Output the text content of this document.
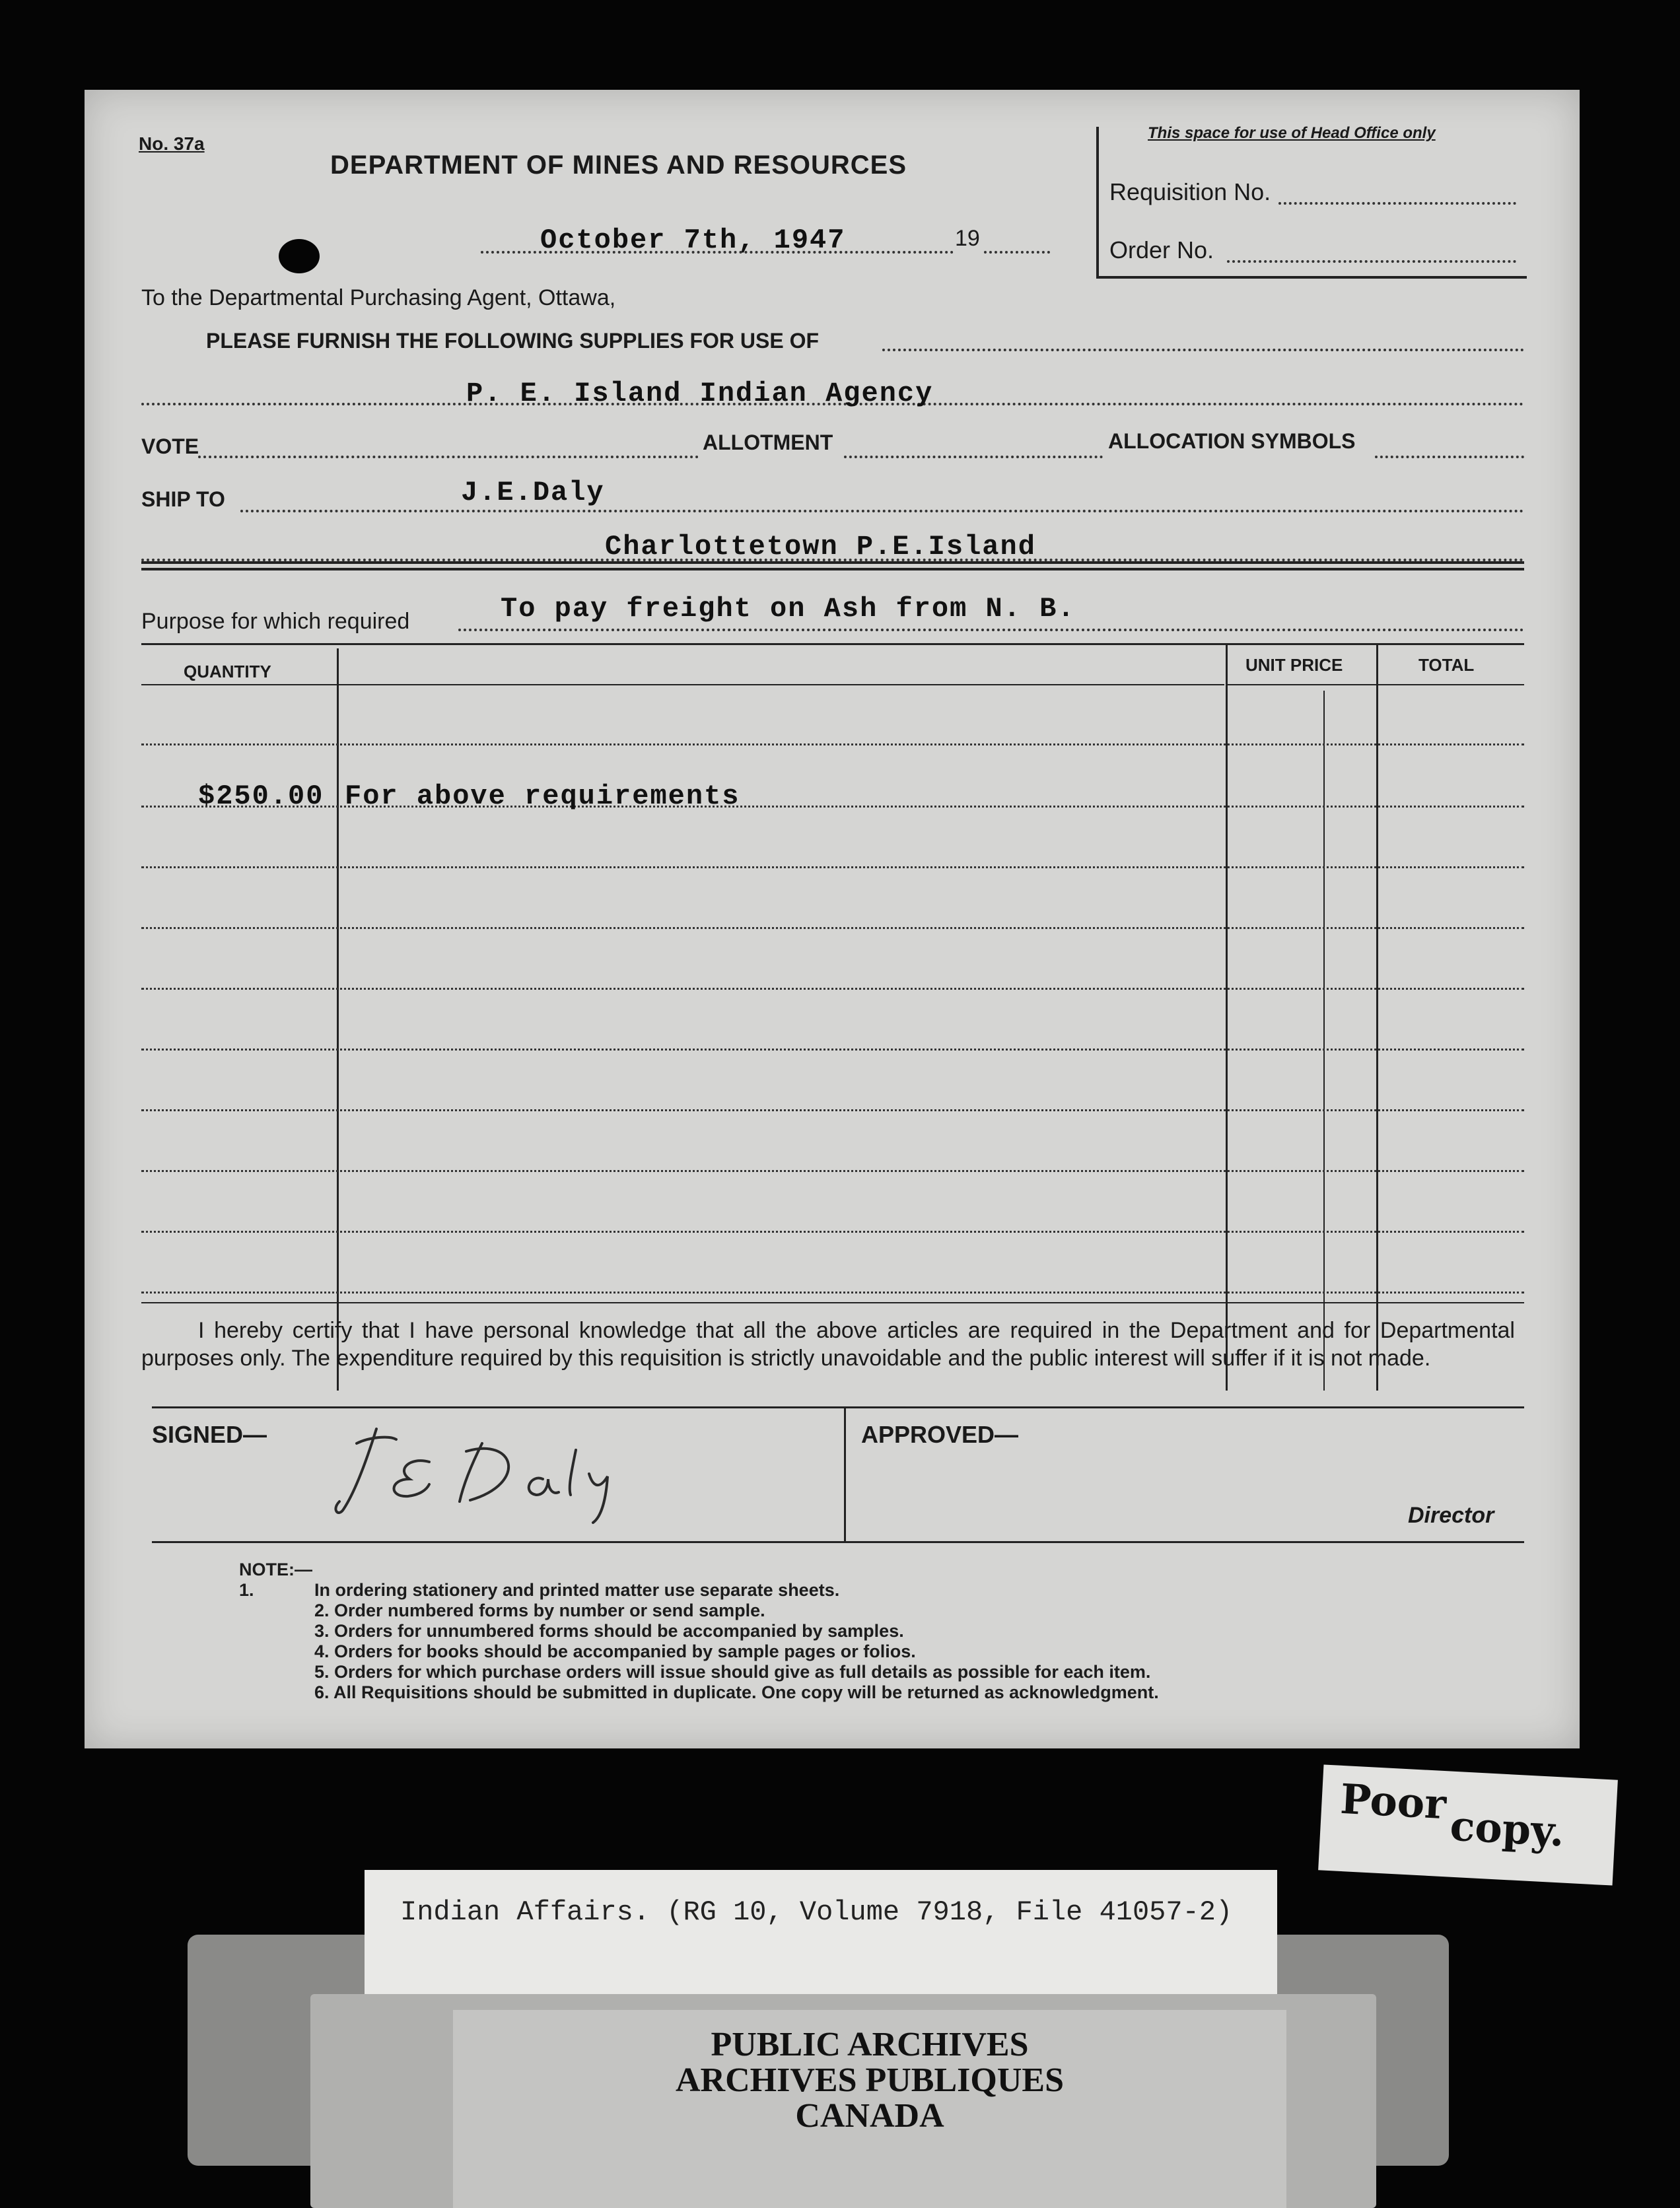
No. 37a
DEPARTMENT OF MINES AND RESOURCES
This space for use of Head Office only
Requisition No.
Order No.
October 7th, 1947	19
To the Departmental Purchasing Agent, Ottawa,
PLEASE FURNISH THE FOLLOWING SUPPLIES FOR USE OF
P. E. Island Indian Agency
VOTE	ALLOTMENT	ALLOCATION SYMBOLS
SHIP TO	J.E.Daly
Charlottetown P.E.Island
Purpose for which required	To pay freight on Ash from N. B.
QUANTITY	UNIT PRICE	TOTAL
$250.00 For above requirements
I hereby certify that I have personal knowledge that all the above articles are required in the Department and for Departmental purposes only. The expenditure required by this requisition is strictly unavoidable and the public interest will suffer if it is not made.
SIGNED—	APPROVED—
Director
NOTE:—1.	In ordering stationery and printed matter use separate sheets.
2. Order numbered forms by number or send sample.
3. Orders for unnumbered forms should be accompanied by samples.
4. Orders for books should be accompanied by sample pages or folios.
5. Orders for which purchase orders will issue should give as full details as possible for each item.
6. All Requisitions should be submitted in duplicate. One copy will be returned as acknowledgment.
Poor
copy.
Indian Affairs. (RG 10, Volume 7918, File 41057-2)
PUBLIC ARCHIVES
ARCHIVES PUBLIQUES
CANADA
